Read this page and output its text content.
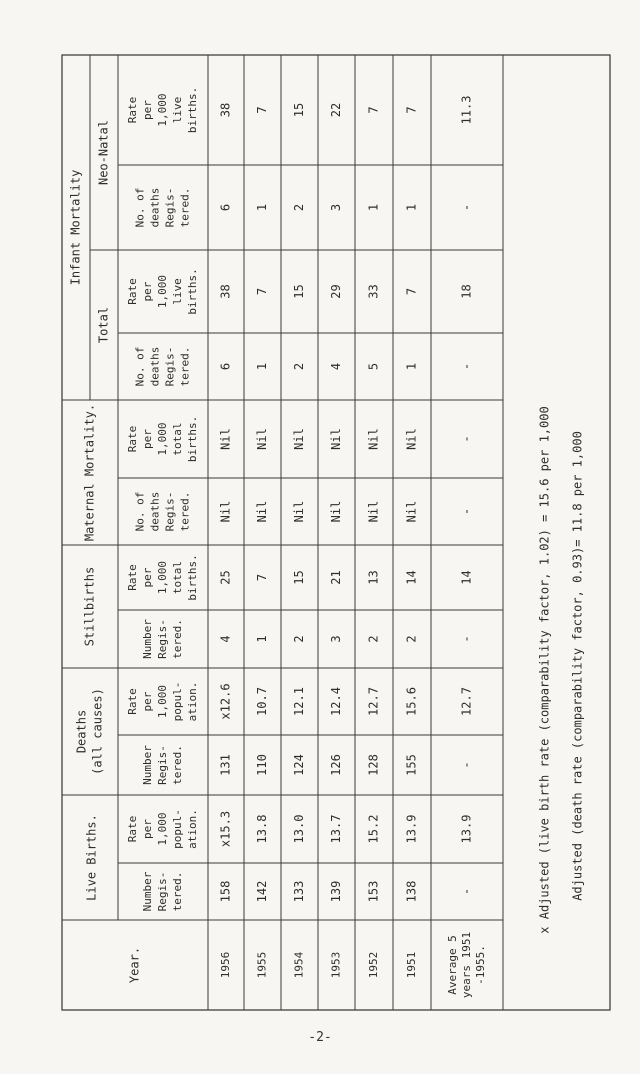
Live Births.
Deaths (all causes)
Stillbirths
Maternal Mortality.
Infant Mortality
Total
Neo-Natal
Year.
Number Regis- tered.
Rate per 1,000 popul- ation.
Number Regis- tered.
Rate per 1,000 popul- ation.
Number Regis- tered.
Rate per 1,000 total births.
No. of deaths Regis- tered.
Rate per 1,000 total births.
No. of deaths Regis- tered.
Rate per 1,000 live births.
No. of deaths Regis- tered.
Rate per 1,000 live births.
1956
158
x15.3
131
x12.6
4
25
Nil
Nil
6
38
6
38
1955
142
13.8
110
10.7
1
7
Nil
Nil
1
7
1
7
1954
133
13.0
124
12.1
2
15
Nil
Nil
2
15
2
15
1953
139
13.7
126
12.4
3
21
Nil
Nil
4
29
3
22
1952
153
15.2
128
12.7
2
13
Nil
Nil
5
33
1
7
1951
138
13.9
155
15.6
2
14
Nil
Nil
1
7
1
7
Average 5 years 1951 -1955.
-
13.9
-
12.7
-
14
-
-
-
18
-
11.3
x Adjusted (live birth rate (comparability factor, 1.02) = 15.6 per 1,000 Adjusted (death rate (comparability factor, 0.93)= 11.8 per 1,000
-2-
